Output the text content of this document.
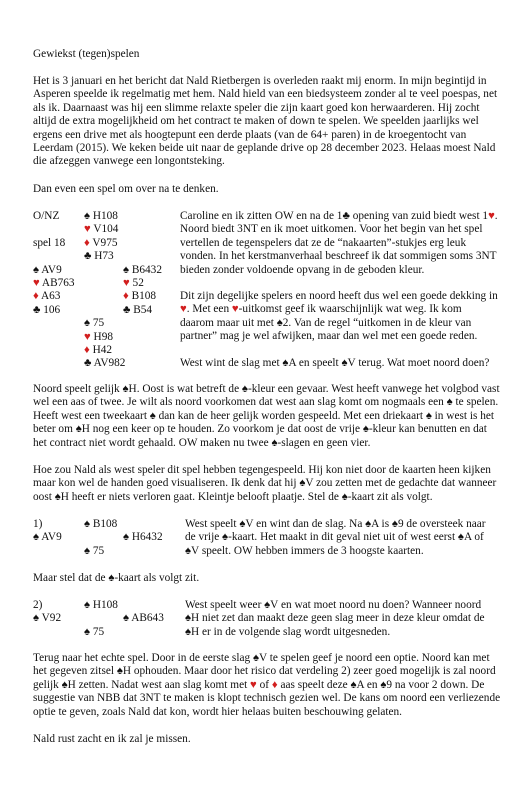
Gewiekst (tegen)spelen

Het is 3 januari en het bericht dat Nald Rietbergen is overleden raakt mij enorm. In mijn begintijd in Asperen speelde ik regelmatig met hem. Nald hield van een biedsysteem zonder al te veel poespas, net als ik. Daarnaast was hij een slimme relaxte speler die zijn kaart goed kon herwaarderen. Hij zocht altijd de extra mogelijkheid om het contract te maken of down te spelen. We speelden jaarlijks wel ergens een drive met als hoogtepunt een derde plaats (van de 64+ paren) in de kroegentocht van Leerdam (2015). We keken beide uit naar de geplande drive op 28 december 2023. Helaas moest Nald die afzeggen vanwege een longontsteking.

Dan even een spel om over na te denken.

O/NZ
spel 18
♠ H108
♥ V104
♦ V975
♣ H73
♠ AV9
♥ AB763
♦ A63
♣ 106
♠ B6432
♥ 52
♦ B108
♣ B54
♠ 75
♥ H98
♦ H42
♣ AV982

Caroline en ik zitten OW en na de 1♣ opening van zuid biedt west 1♥. Noord biedt 3NT en ik moet uitkomen. Voor het begin van het spel vertellen de tegenspelers dat ze de “nakaarten”-stukjes erg leuk vonden. In het kerstmanverhaal beschreef ik dat sommigen soms 3NT bieden zonder voldoende opvang in de geboden kleur.

Dit zijn degelijke spelers en noord heeft dus wel een goede dekking in ♥. Met een ♥-uitkomst geef ik waarschijnlijk wat weg. Ik kom daarom maar uit met ♠2. Van de regel “uitkomen in de kleur van partner” mag je wel afwijken, maar dan wel met een goede reden.

West wint de slag met ♠A en speelt ♠V terug. Wat moet noord doen?

Noord speelt gelijk ♠H. Oost is wat betreft de ♠-kleur een gevaar. West heeft vanwege het volgbod vast wel een aas of twee. Je wilt als noord voorkomen dat west aan slag komt om nogmaals een ♠ te spelen. Heeft west een tweekaart ♠ dan kan de heer gelijk worden gespeeld. Met een driekaart ♠ in west is het beter om ♠H nog een keer op te houden. Zo voorkom je dat oost de vrije ♠-kleur kan benutten en dat het contract niet wordt gehaald. OW maken nu twee ♠-slagen en geen vier.

Hoe zou Nald als west speler dit spel hebben tegengespeeld. Hij kon niet door de kaarten heen kijken maar kon wel de handen goed visualiseren. Ik denk dat hij ♠V zou zetten met de gedachte dat wanneer oost ♠H heeft er niets verloren gaat. Kleintje belooft plaatje. Stel de ♠-kaart zit als volgt.

1)	♠ B108
♠ AV9	♠ H6432
♠ 75

West speelt ♠V en wint dan de slag. Na ♠A is ♠9 de oversteek naar de vrije ♠-kaart. Het maakt in dit geval niet uit of west eerst ♠A of ♠V speelt. OW hebben immers de 3 hoogste kaarten.

Maar stel dat de ♠-kaart als volgt zit.

2)	♠ H108
♠ V92	♠ AB643
♠ 75

West speelt weer ♠V en wat moet noord nu doen? Wanneer noord ♠H niet zet dan maakt deze geen slag meer in deze kleur omdat de ♠H er in de volgende slag wordt uitgesneden.

Terug naar het echte spel. Door in de eerste slag ♠V te spelen geef je noord een optie. Noord kan met het gegeven zitsel ♠H ophouden. Maar door het risico dat verdeling 2) zeer goed mogelijk is zal noord gelijk ♠H zetten. Nadat west aan slag komt met ♥ of ♦ aas speelt deze ♠A en ♠9 na voor 2 down. De suggestie van NBB dat 3NT te maken is klopt technisch gezien wel. De kans om noord een verliezende optie te geven, zoals Nald dat kon, wordt hier helaas buiten beschouwing gelaten.

Nald rust zacht en ik zal je missen.
